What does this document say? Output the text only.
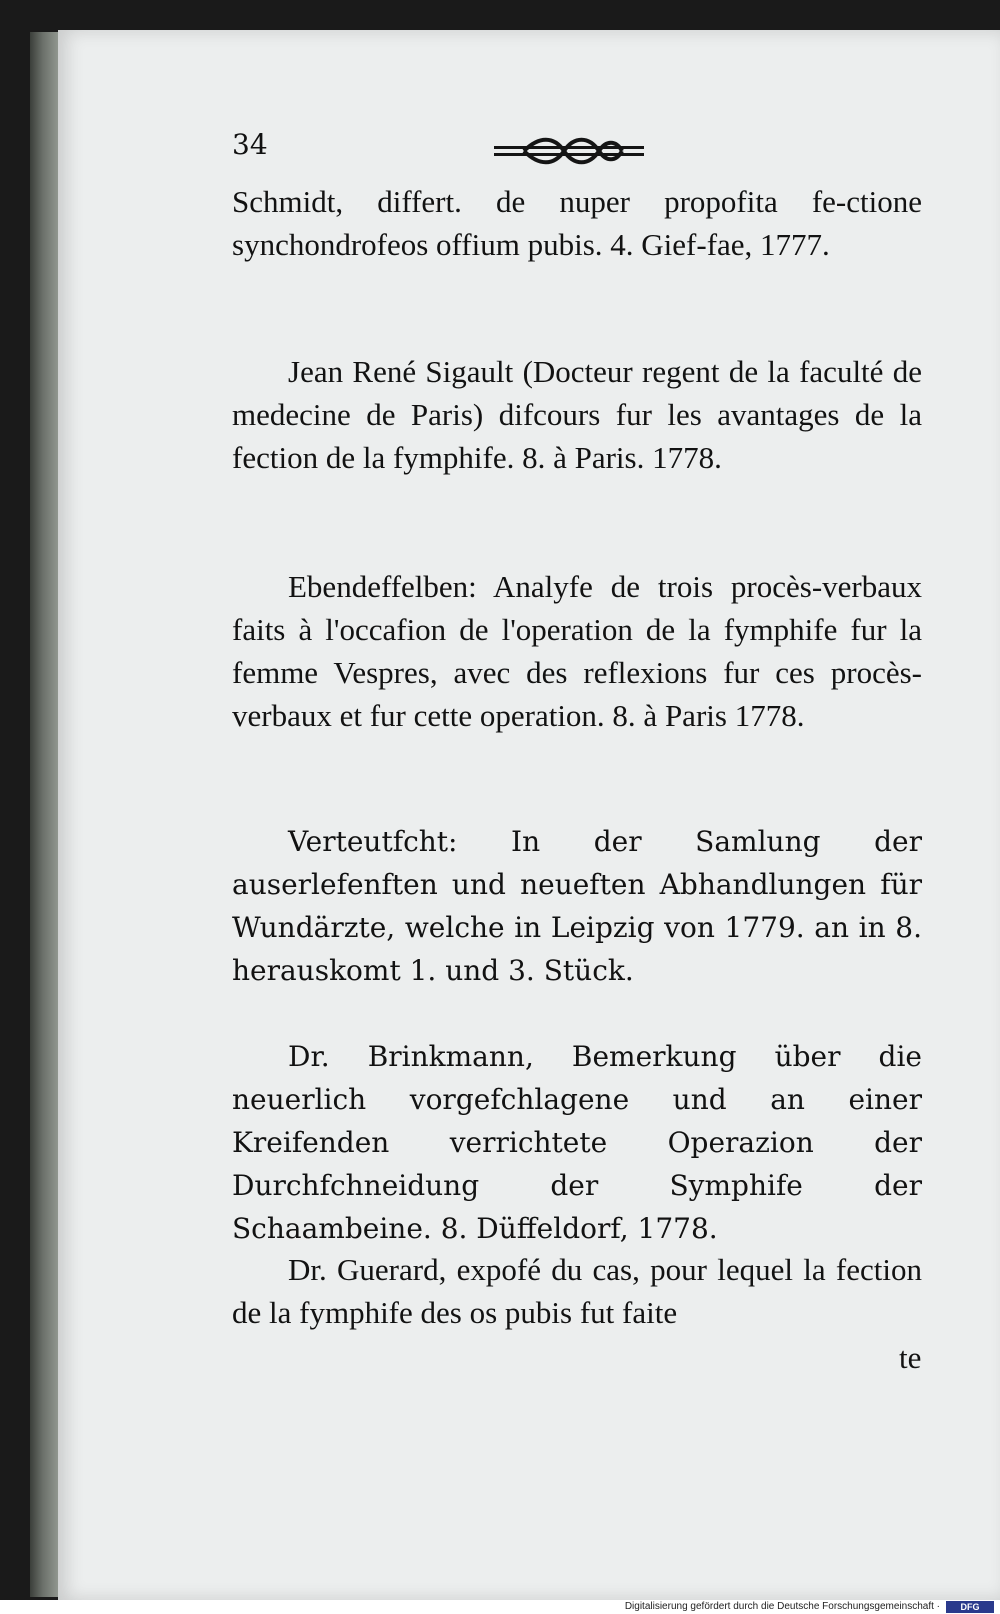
34
Schmidt, differt. de nuper propofita fe-ctione synchondrofeos offium pubis. 4. Gief-fae, 1777.
Jean René Sigault (Docteur regent de la faculté de medecine de Paris) difcours fur les avantages de la fection de la fymphife. 8. à Paris. 1778.
Ebendeffelben: Analyfe de trois procès-verbaux faits à l'occafion de l'operation de la fymphife fur la femme Vespres, avec des reflexions fur ces procès-verbaux et fur cette operation. 8. à Paris 1778.
Verteutfcht: In der Samlung der auserlefenften und neueften Abhandlungen für Wundärzte, welche in Leipzig von 1779. an in 8. herauskomt 1. und 3. Stück.
Dr. Brinkmann, Bemerkung über die neuerlich vorgefchlagene und an einer Kreifenden verrichtete Operazion der Durchfchneidung der Symphife der Schaambeine. 8. Düffeldorf, 1778.
Dr. Guerard, expofé du cas, pour lequel la fection de la fymphife des os pubis fut faite
te
Digitalisierung gefördert durch die Deutsche Forschungsgemeinschaft ·	DFG
